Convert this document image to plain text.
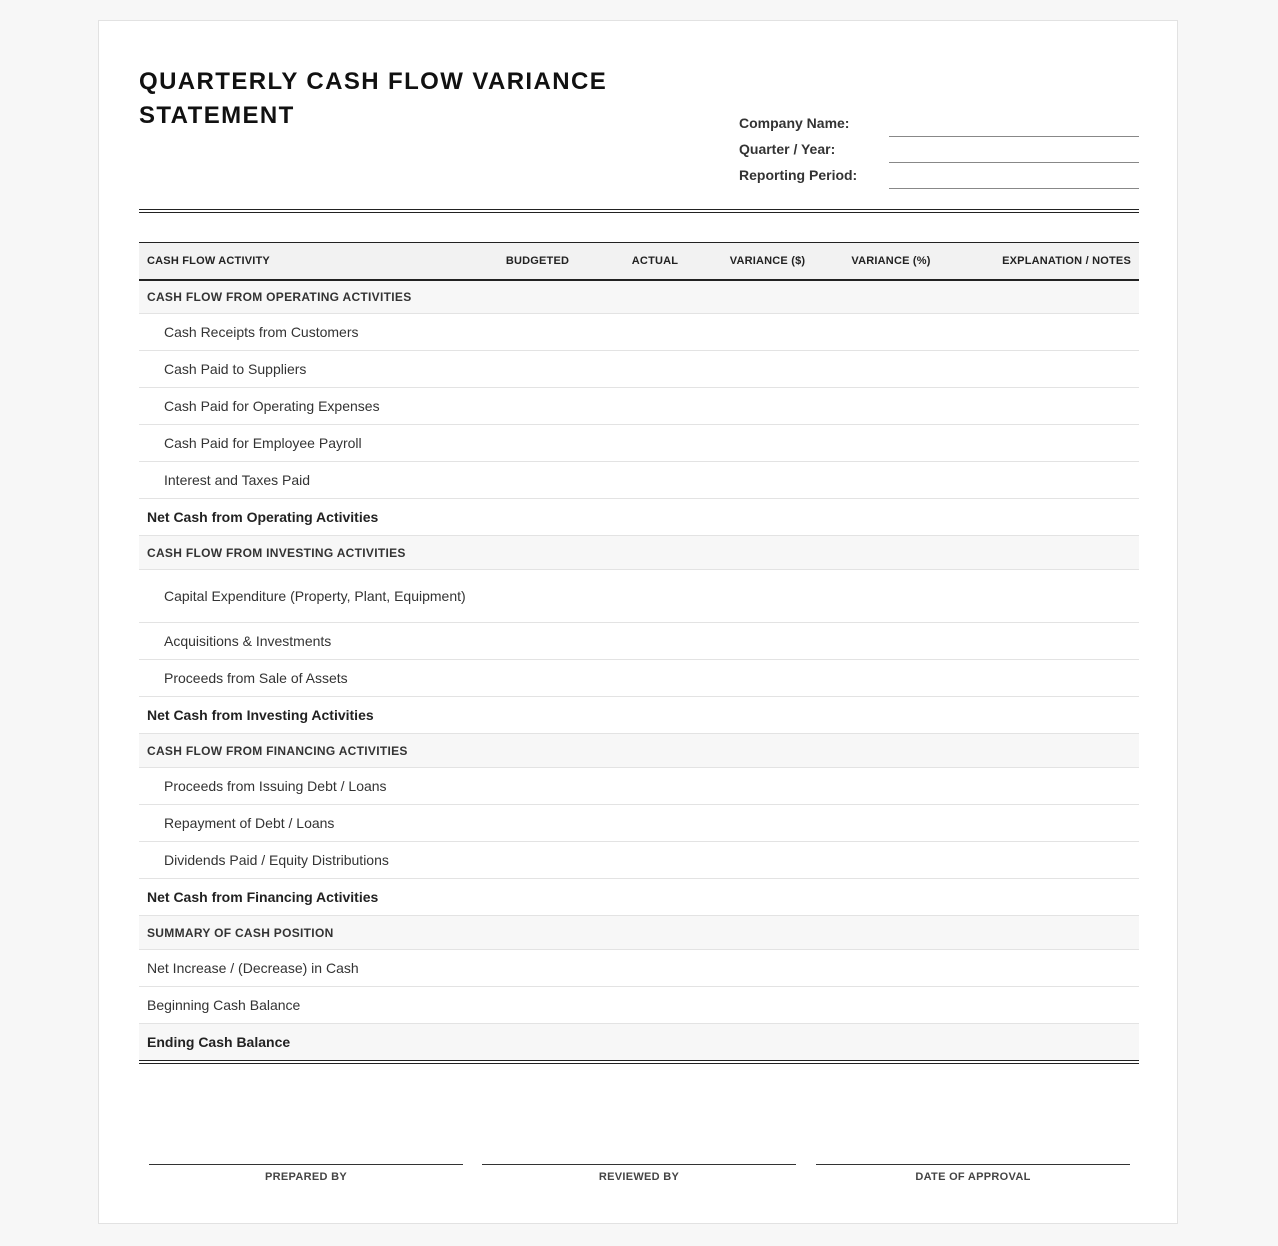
QUARTERLY CASH FLOW VARIANCE STATEMENT	Company Name:
Quarter / Year:
Reporting Period:
CASH FLOW ACTIVITY	BUDGETED	ACTUAL	VARIANCE ($)	VARIANCE (%)	EXPLANATION / NOTES
CASH FLOW FROM OPERATING ACTIVITIES					
Cash Receipts from Customers					
Cash Paid to Suppliers					
Cash Paid for Operating Expenses					
Cash Paid for Employee Payroll					
Interest and Taxes Paid					
Net Cash from Operating Activities					
CASH FLOW FROM INVESTING ACTIVITIES					
Capital Expenditure (Property, Plant, Equipment)					
Acquisitions & Investments					
Proceeds from Sale of Assets					
Net Cash from Investing Activities					
CASH FLOW FROM FINANCING ACTIVITIES					
Proceeds from Issuing Debt / Loans					
Repayment of Debt / Loans					
Dividends Paid / Equity Distributions					
Net Cash from Financing Activities					
SUMMARY OF CASH POSITION					
Net Increase / (Decrease) in Cash					
Beginning Cash Balance					
Ending Cash Balance					
PREPARED BY	REVIEWED BY	DATE OF APPROVAL
